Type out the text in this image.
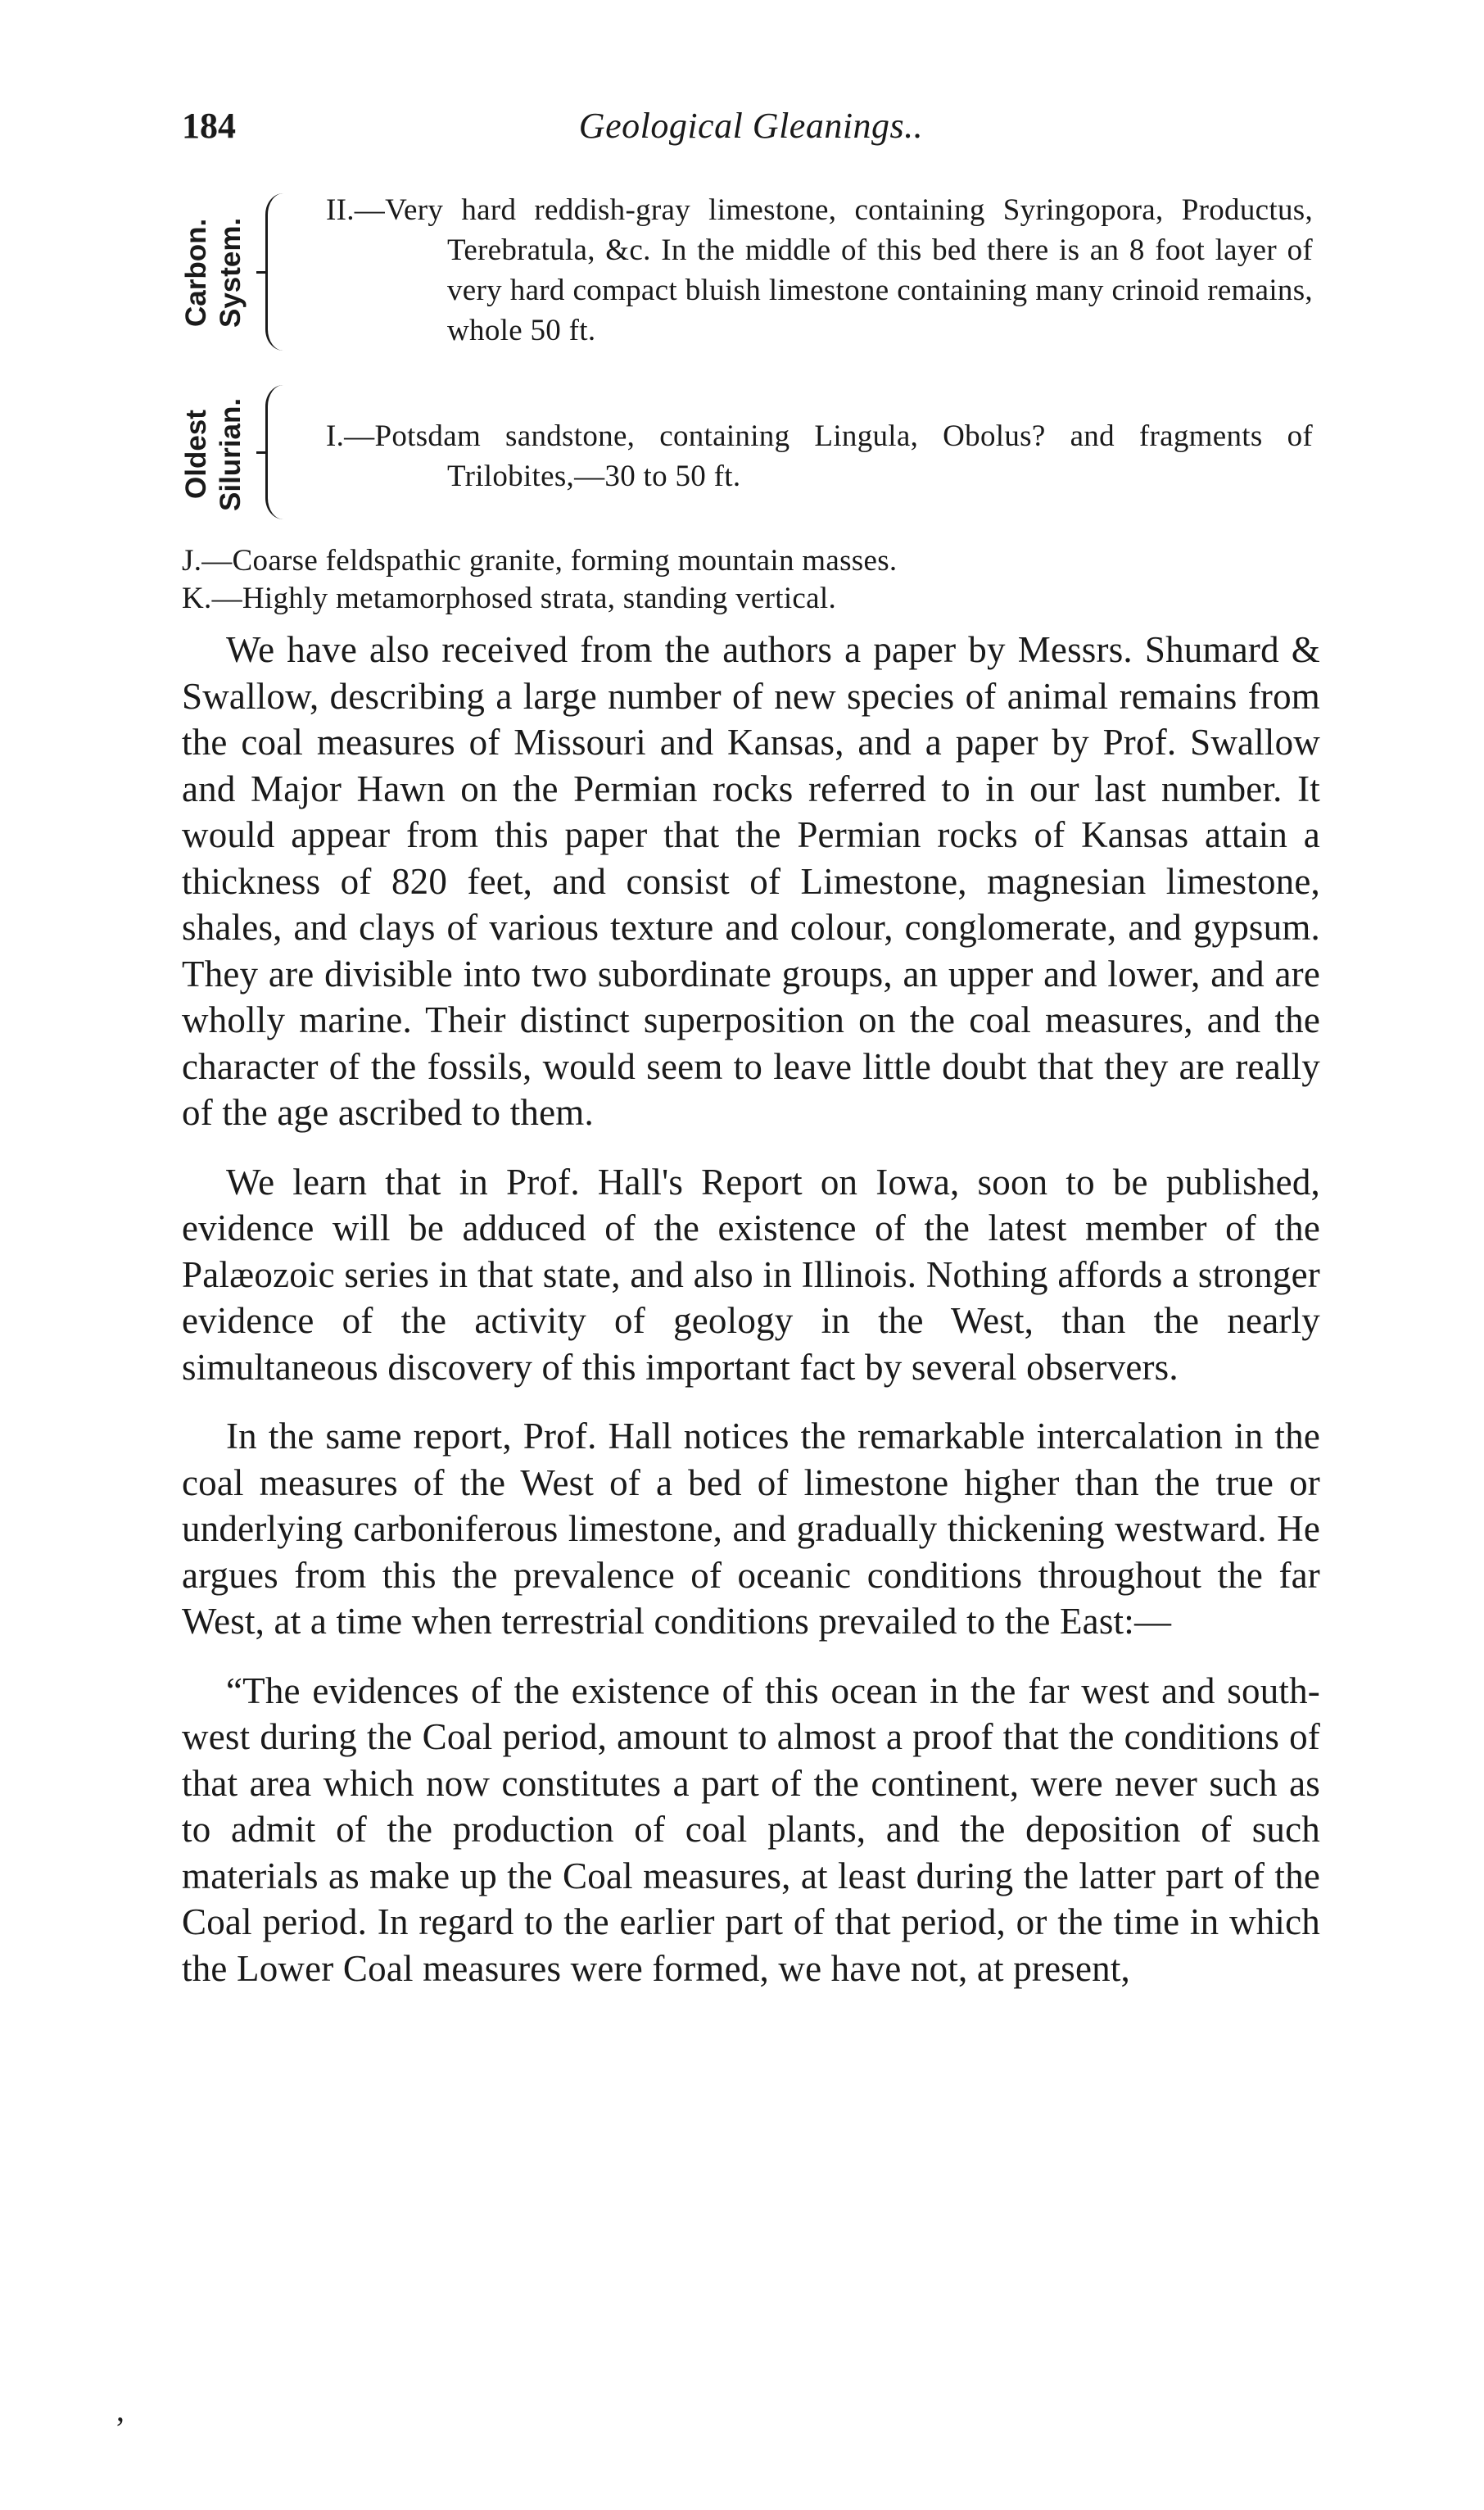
184	Geological Gleanings..
Carbon. System.
II.—Very hard reddish-gray limestone, containing Syringopora, Productus, Terebratula, &c. In the middle of this bed there is an 8 foot layer of very hard compact bluish limestone containing many crinoid remains, whole 50 ft.
Oldest Silurian.	I.—Potsdam sandstone, containing Lingula, Obolus? and fragments of Trilobites,—30 to 50 ft.
J.—Coarse feldspathic granite, forming mountain masses.
K.—Highly metamorphosed strata, standing vertical.

We have also received from the authors a paper by Messrs. Shumard & Swallow, describing a large number of new species of animal remains from the coal measures of Missouri and Kansas, and a paper by Prof. Swallow and Major Hawn on the Permian rocks referred to in our last number. It would appear from this paper that the Permian rocks of Kansas attain a thickness of 820 feet, and consist of Limestone, magnesian limestone, shales, and clays of various texture and colour, conglomerate, and gypsum. They are divisible into two subordinate groups, an upper and lower, and are wholly marine. Their distinct superposition on the coal measures, and the character of the fossils, would seem to leave little doubt that they are really of the age ascribed to them.

We learn that in Prof. Hall's Report on Iowa, soon to be published, evidence will be adduced of the existence of the latest member of the Palæozoic series in that state, and also in Illinois. Nothing affords a stronger evidence of the activity of geology in the West, than the nearly simultaneous discovery of this important fact by several observers.

In the same report, Prof. Hall notices the remarkable intercalation in the coal measures of the West of a bed of limestone higher than the true or underlying carboniferous limestone, and gradually thickening westward. He argues from this the prevalence of oceanic conditions throughout the far West, at a time when terrestrial conditions prevailed to the East:—

“The evidences of the existence of this ocean in the far west and south-west during the Coal period, amount to almost a proof that the conditions of that area which now constitutes a part of the continent, were never such as to admit of the production of coal plants, and the deposition of such materials as make up the Coal measures, at least during the latter part of the Coal period. In regard to the earlier part of that period, or the time in which the Lower Coal measures were formed, we have not, at present,

‚
